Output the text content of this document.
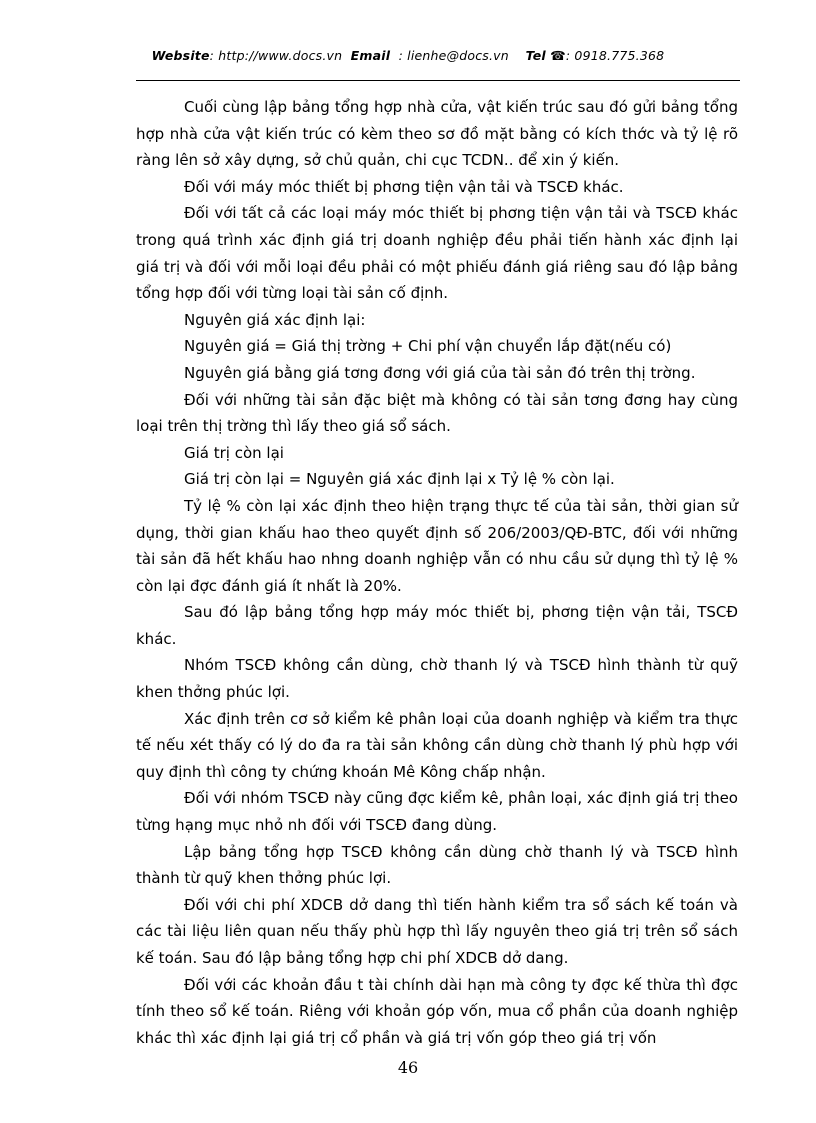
Website: http://www.docs.vn Email : lienhe@docs.vn Tel ☎: 0918.775.368

Cuối cùng lập bảng tổng hợp nhà cửa, vật kiến trúc sau đó gửi bảng tổng hợp nhà cửa vật kiến trúc có kèm theo sơ đồ mặt bằng có kích thớc và tỷ lệ rõ ràng lên sở xây dựng, sở chủ quản, chi cục TCDN.. để xin ý kiến.

Đối với máy móc thiết bị phơng tiện vận tải và TSCĐ khác.

Đối với tất cả các loại máy móc thiết bị phơng tiện vận tải và TSCĐ khác trong quá trình xác định giá trị doanh nghiệp đều phải tiến hành xác định lại giá trị và đối với mỗi loại đều phải có một phiếu đánh giá riêng sau đó lập bảng tổng hợp đối với từng loại tài sản cố định.

Nguyên giá xác định lại:

Nguyên giá = Giá thị trờng + Chi phí vận chuyển lắp đặt(nếu có)

Nguyên giá bằng giá tơng đơng với giá của tài sản đó trên thị trờng.

Đối với những tài sản đặc biệt mà không có tài sản tơng đơng hay cùng loại trên thị trờng thì lấy theo giá sổ sách.

Giá trị còn lại

Giá trị còn lại = Nguyên giá xác định lại x Tỷ lệ % còn lại.

Tỷ lệ % còn lại xác định theo hiện trạng thực tế của tài sản, thời gian sử dụng, thời gian khấu hao theo quyết định số 206/2003/QĐ-BTC, đối với những tài sản đã hết khấu hao nhng doanh nghiệp vẫn có nhu cầu sử dụng thì tỷ lệ % còn lại đợc đánh giá ít nhất là 20%.

Sau đó lập bảng tổng hợp máy móc thiết bị, phơng tiện vận tải, TSCĐ khác.

Nhóm TSCĐ không cần dùng, chờ thanh lý và TSCĐ hình thành từ quỹ khen thởng phúc lợi.

Xác định trên cơ sở kiểm kê phân loại của doanh nghiệp và kiểm tra thực tế nếu xét thấy có lý do đa ra tài sản không cần dùng chờ thanh lý phù hợp với quy định thì công ty chứng khoán Mê Kông chấp nhận.

Đối với nhóm TSCĐ này cũng đợc kiểm kê, phân loại, xác định giá trị theo từng hạng mục nhỏ nh đối với TSCĐ đang dùng.

Lập bảng tổng hợp TSCĐ không cần dùng chờ thanh lý và TSCĐ hình thành từ quỹ khen thởng phúc lợi.

Đối với chi phí XDCB dở dang thì tiến hành kiểm tra sổ sách kế toán và các tài liệu liên quan nếu thấy phù hợp thì lấy nguyên theo giá trị trên sổ sách kế toán. Sau đó lập bảng tổng hợp chi phí XDCB dở dang.

Đối với các khoản đầu t tài chính dài hạn mà công ty đợc kế thừa thì đợc tính theo sổ kế toán. Riêng với khoản góp vốn, mua cổ phần của doanh nghiệp khác thì xác định lại giá trị cổ phần và giá trị vốn góp theo giá trị vốn

46
